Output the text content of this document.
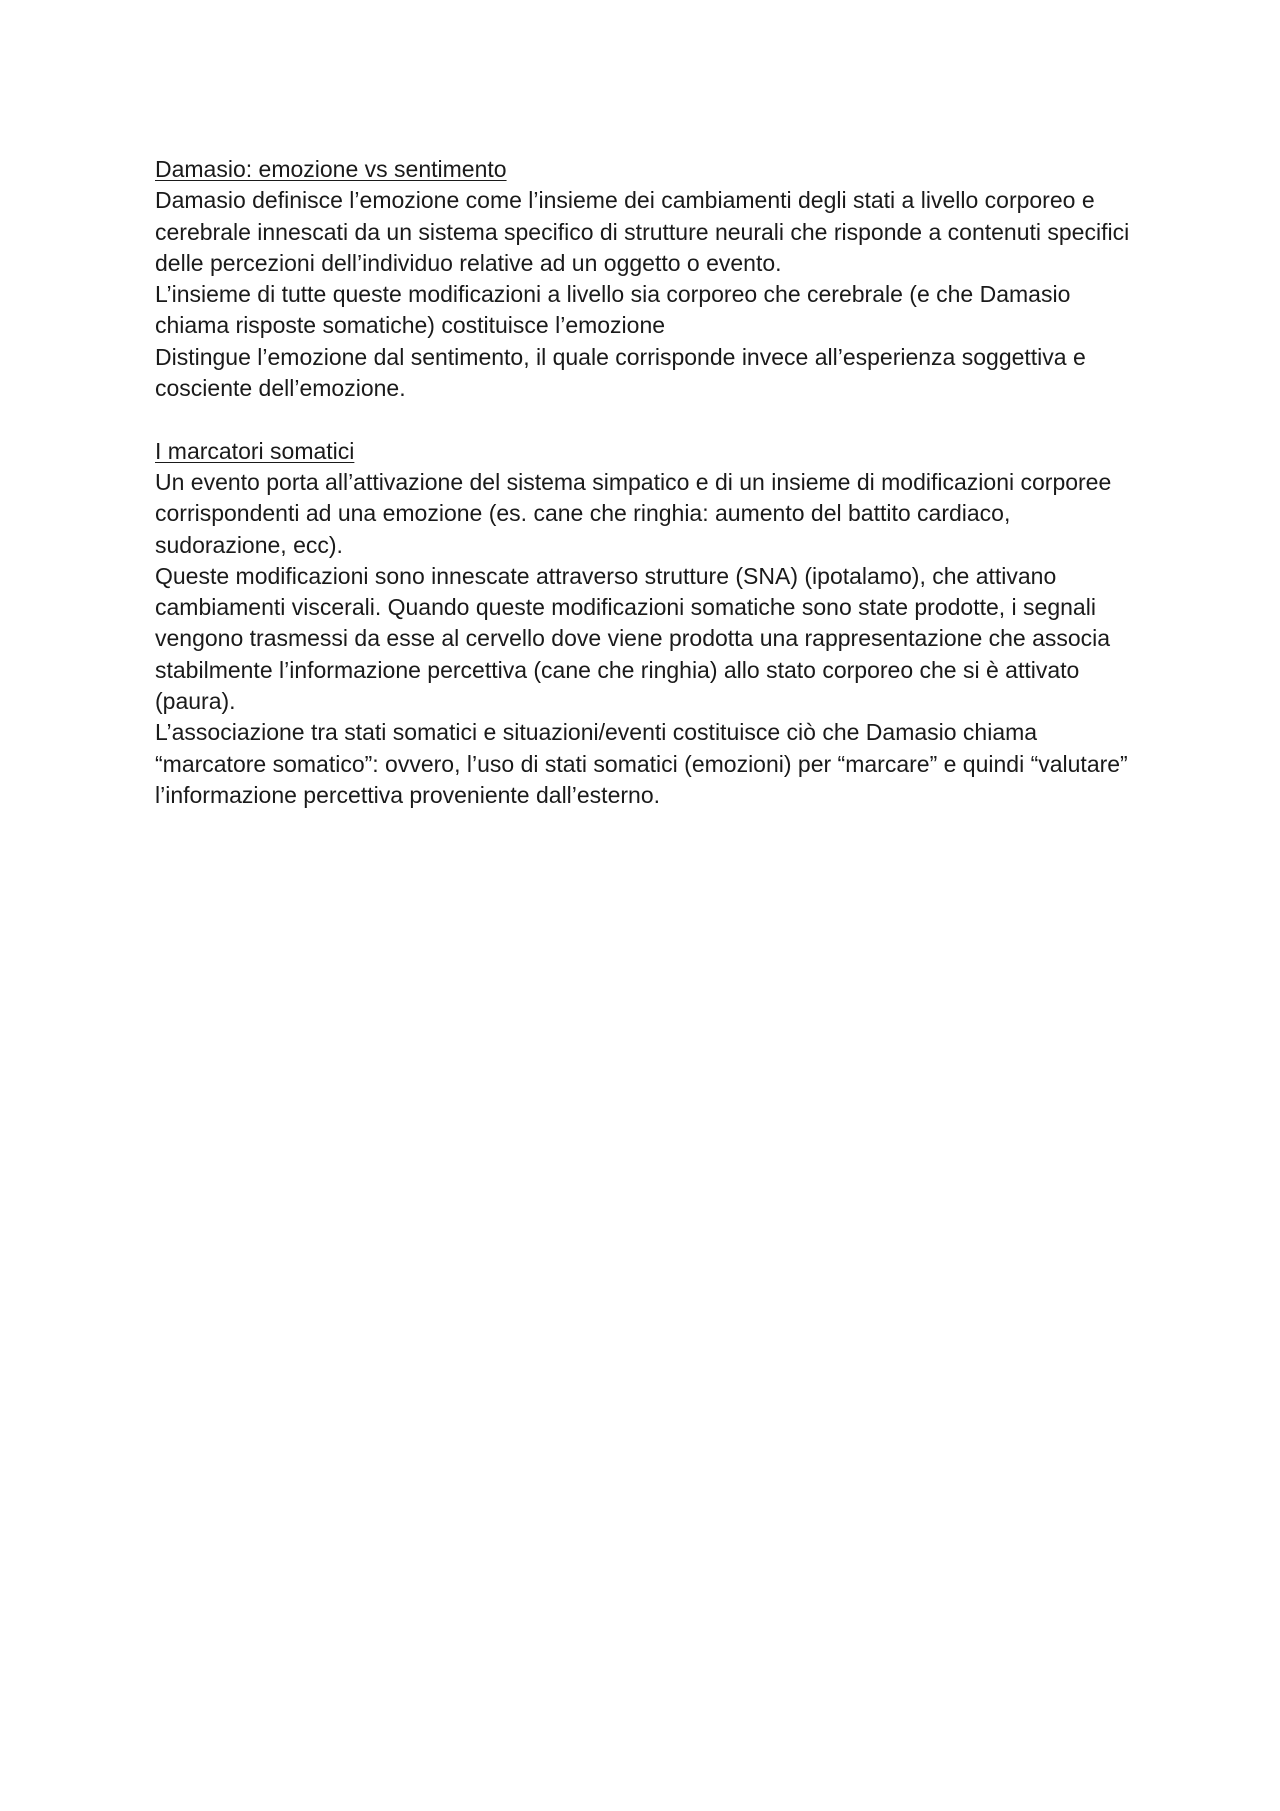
Damasio: emozione vs sentimento

Damasio definisce l’emozione come l’insieme dei cambiamenti degli stati a livello corporeo e cerebrale innescati da un sistema specifico di strutture neurali che risponde a contenuti specifici delle percezioni dell’individuo relative ad un oggetto o evento.

L’insieme di tutte queste modificazioni a livello sia corporeo che cerebrale (e che Damasio chiama risposte somatiche) costituisce l’emozione

Distingue l’emozione dal sentimento, il quale corrisponde invece all’esperienza soggettiva e cosciente dell’emozione.

I marcatori somatici

Un evento porta all’attivazione del sistema simpatico e di un insieme di modificazioni corporee corrispondenti ad una emozione (es. cane che ringhia: aumento del battito cardiaco, sudorazione, ecc).

Queste modificazioni sono innescate attraverso strutture (SNA) (ipotalamo), che attivano cambiamenti viscerali. Quando queste modificazioni somatiche sono state prodotte, i segnali vengono trasmessi da esse al cervello dove viene prodotta una rappresentazione che associa stabilmente l’informazione percettiva (cane che ringhia) allo stato corporeo che si è attivato (paura).

L’associazione tra stati somatici e situazioni/eventi costituisce ciò che Damasio chiama “marcatore somatico”: ovvero, l’uso di stati somatici (emozioni) per “marcare” e quindi “valutare” l’informazione percettiva proveniente dall’esterno.
